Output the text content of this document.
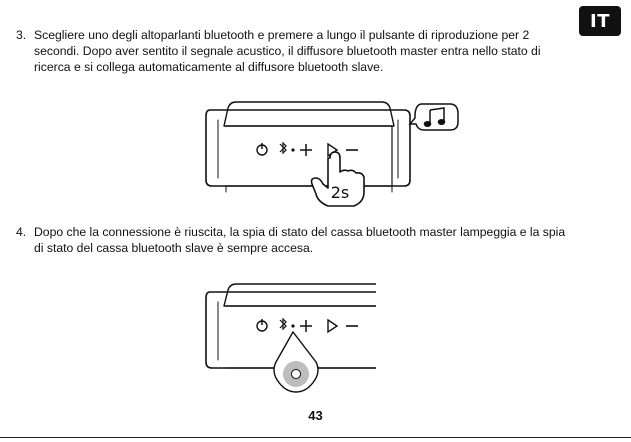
IT
3. Scegliere uno degli altoparlanti bluetooth e premere a lungo il pulsante di riproduzione per 2 secondi. Dopo aver sentito il segnale acustico, il diffusore bluetooth master entra nello stato di ricerca e si collega automaticamente al diffusore bluetooth slave.
2s
4. Dopo che la connessione è riuscita, la spia di stato del cassa bluetooth master lampeggia e la spia di stato del cassa bluetooth slave è sempre accesa.
43
